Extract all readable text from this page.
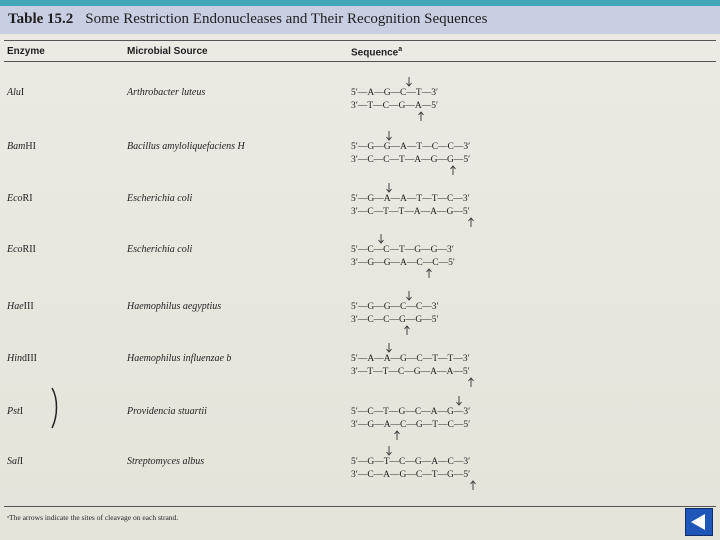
Table 15.2 Some Restriction Endonucleases and Their Recognition Sequences
Enzyme	Microbial Source	Sequence$^a$
AluI	Arthrobacter luteus	5′—A—G—C—T—3′
3′—T—C—G—A—5′
BamHI	Bacillus amyloliquefaciens H	5′—G—G—A—T—C—C—3′
3′—C—C—T—A—G—G—5′
EcoRI	Escherichia coli	5′—G—A—A—T—T—C—3′
3′—C—T—T—A—A—G—5′
EcoRII	Escherichia coli	5′—C—C—T—G—G—3′
3′—G—G—A—C—C—5′
HaeIII	Haemophilus aegyptius	5′—G—G—C—C—3′
3′—C—C—G—G—5′
HindIII	Haemophilus influenzae b	5′—A—A—G—C—T—T—3′
3′—T—T—C—G—A—A—5′
PstI	Providencia stuartii	5′—C—T—G—C—A—G—3′
3′—G—A—C—G—T—C—5′
SalI	Streptomyces albus	5′—G—T—C—G—A—C—3′
3′—C—A—G—C—T—G—5′
ᵃThe arrows indicate the sites of cleavage on each strand.
